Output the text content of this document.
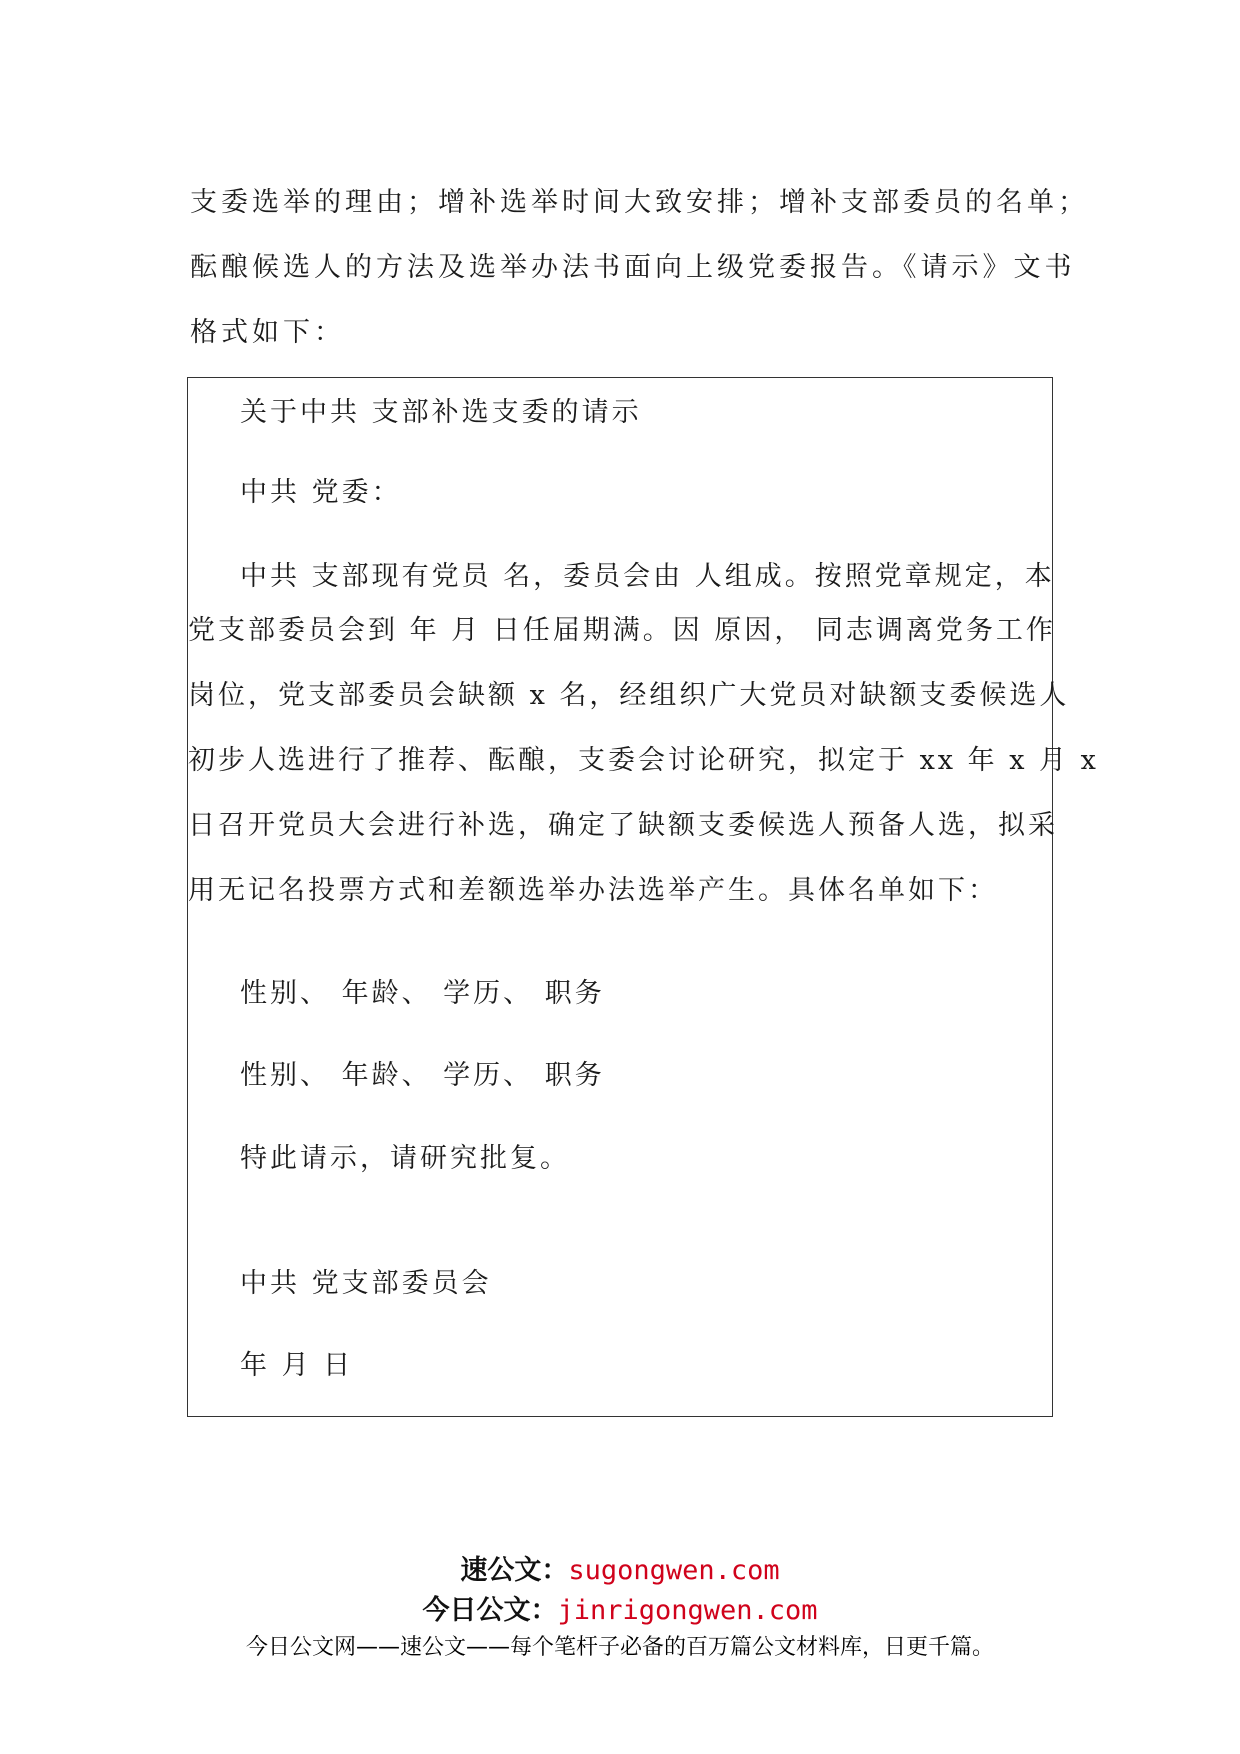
支委选举的理由；增补选举时间大致安排；增补支部委员的名单；

酝酿候选人的方法及选举办法书面向上级党委报告。《请示》文书

格式如下：

关于中共 支部补选支委的请示
中共 党委：
中共 支部现有党员 名，委员会由 人组成。按照党章规定，本

党支部委员会到 年 月 日任届期满。因 原因， 同志调离党务工作

岗位，党支部委员会缺额 x 名，经组织广大党员对缺额支委候选人

初步人选进行了推荐、酝酿，支委会讨论研究，拟定于 xx 年 x 月 x

日召开党员大会进行补选，确定了缺额支委候选人预备人选，拟采

用无记名投票方式和差额选举办法选举产生。具体名单如下：

性别、 年龄、 学历、 职务
性别、 年龄、 学历、 职务
特此请示，请研究批复。
中共 党支部委员会
年 月 日
速公文：sugongwen.com
今日公文：jinrigongwen.com
今日公文网——速公文——每个笔杆子必备的百万篇公文材料库，日更千篇。
